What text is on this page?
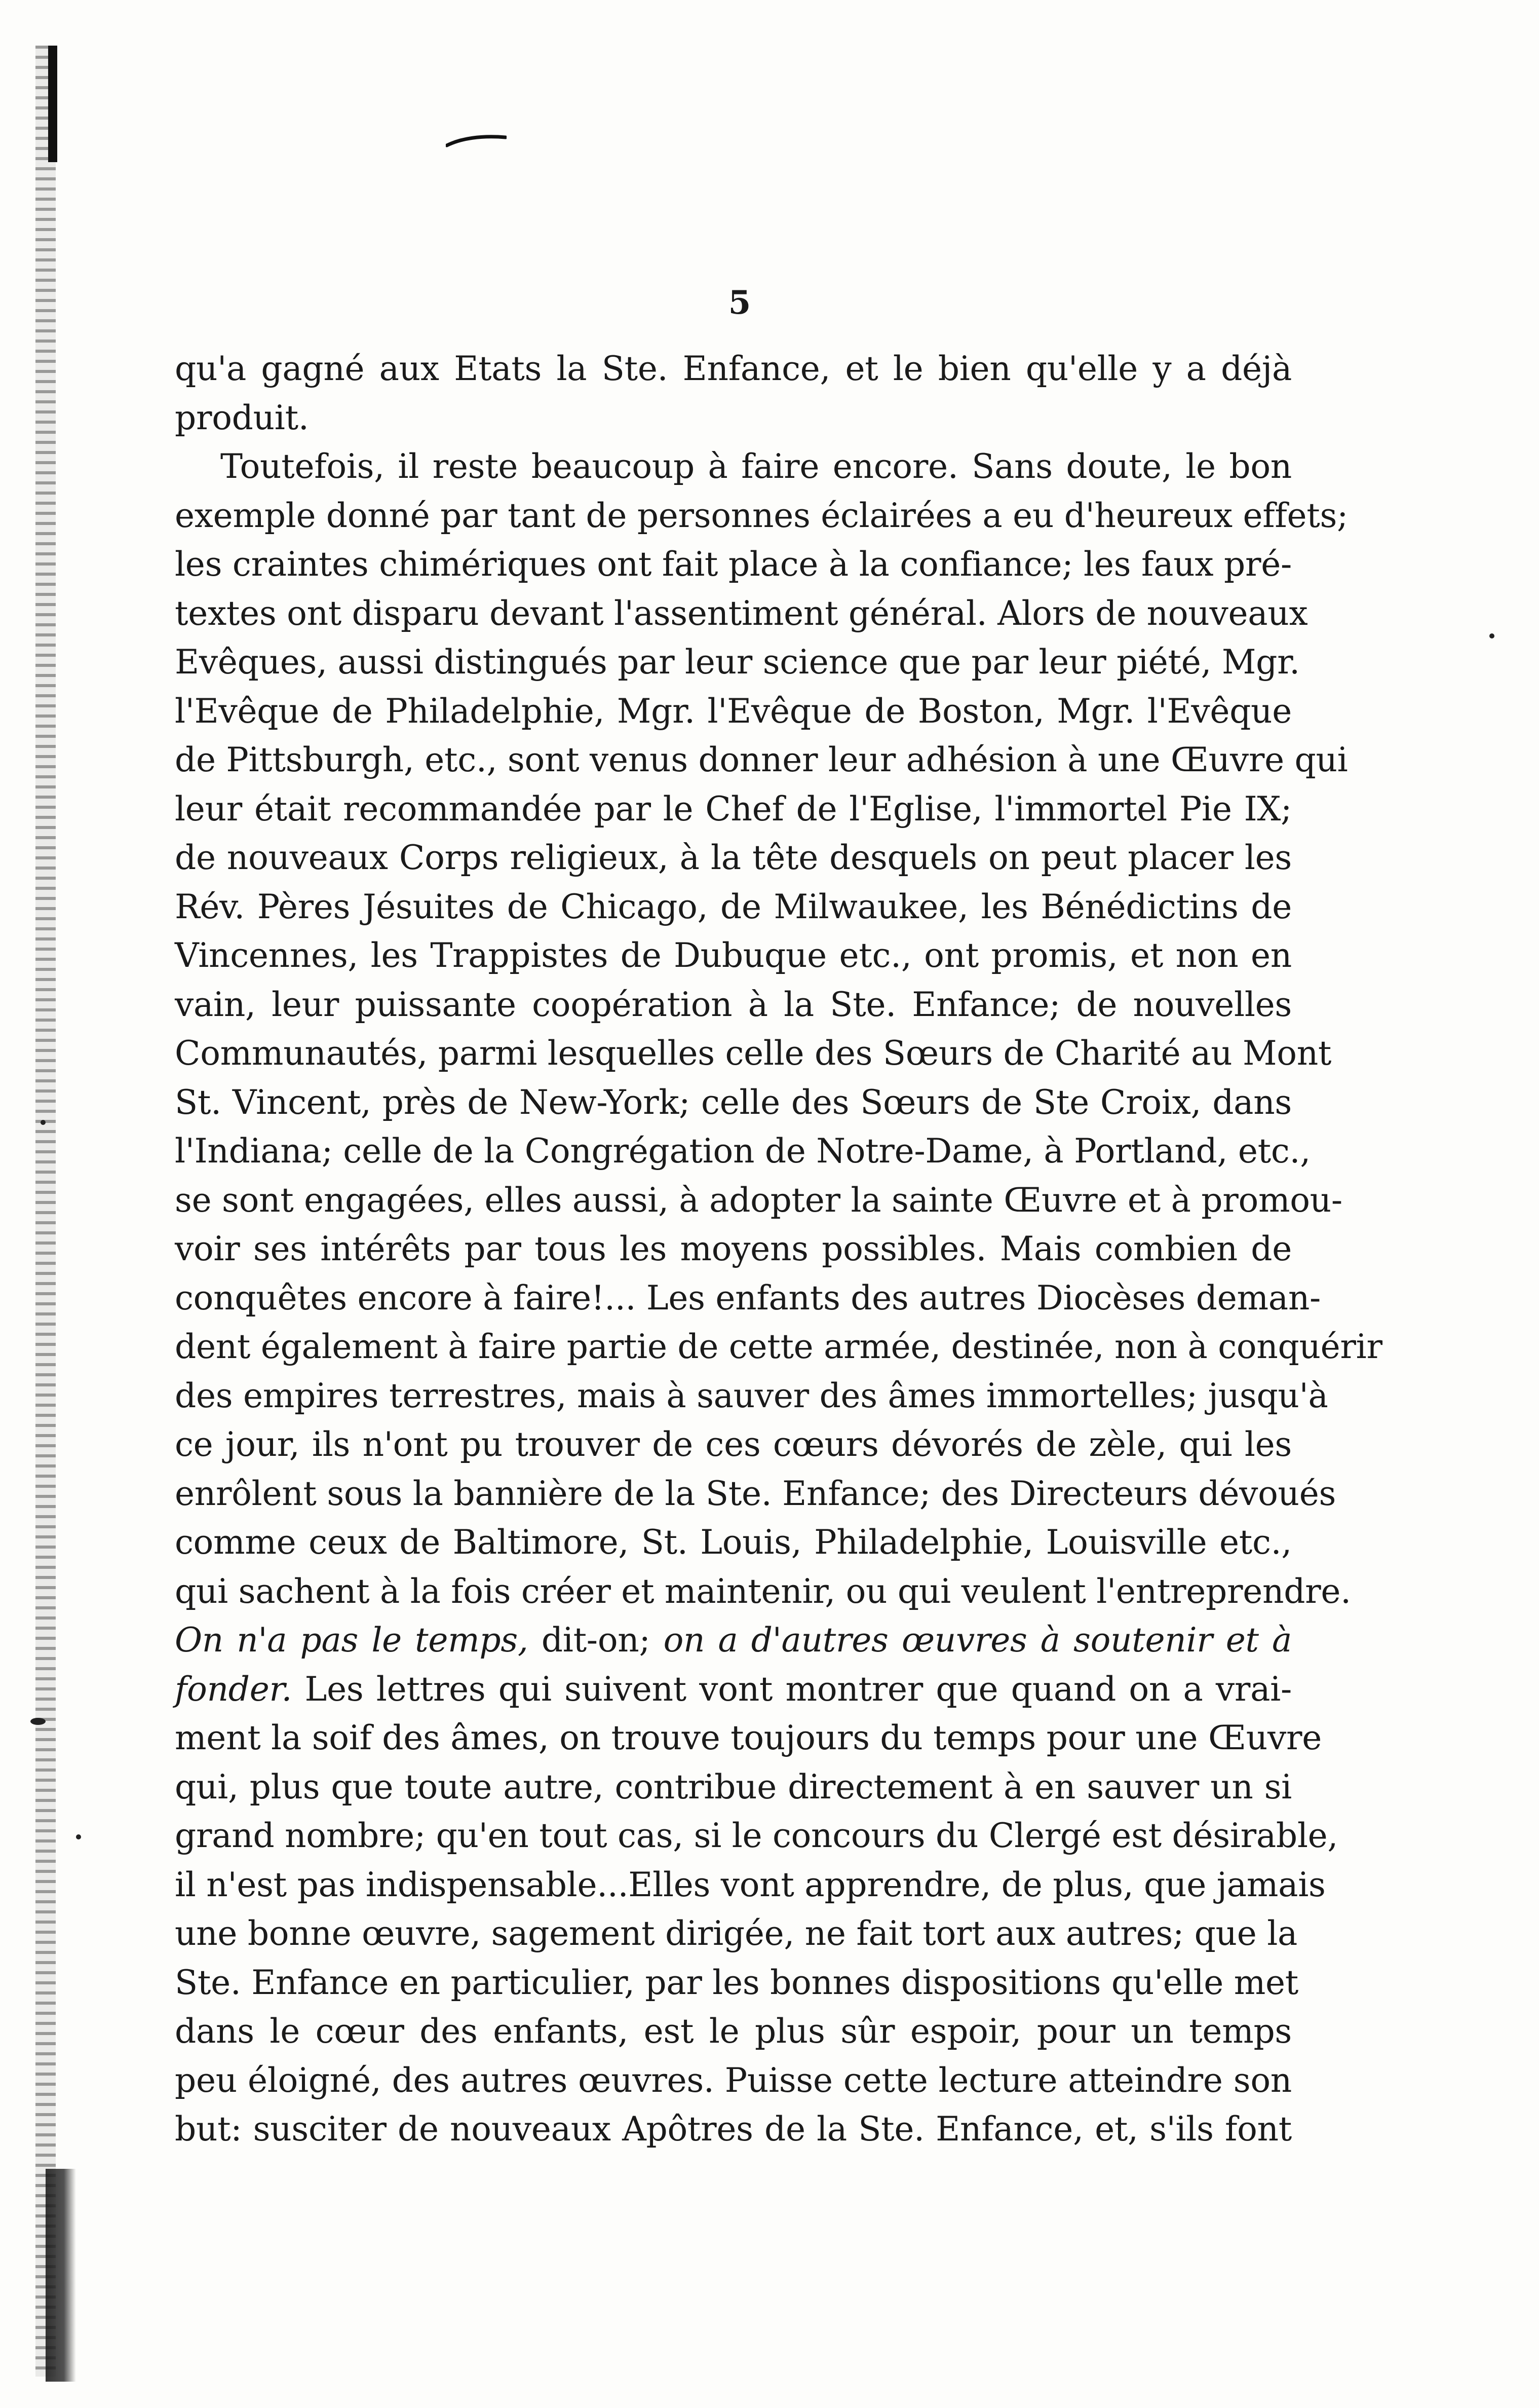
5
qu'a gagné aux Etats la Ste. Enfance, et le bien qu'elle y a déjà
produit.
Toutefois, il reste beaucoup à faire encore. Sans doute, le bon
exemple donné par tant de personnes éclairées a eu d'heureux effets;
les craintes chimériques ont fait place à la confiance; les faux pré-
textes ont disparu devant l'assentiment général. Alors de nouveaux
Evêques, aussi distingués par leur science que par leur piété, Mgr.
l'Evêque de Philadelphie, Mgr. l'Evêque de Boston, Mgr. l'Evêque
de Pittsburgh, etc., sont venus donner leur adhésion à une Œuvre qui
leur était recommandée par le Chef de l'Eglise, l'immortel Pie IX;
de nouveaux Corps religieux, à la tête desquels on peut placer les
Rév. Pères Jésuites de Chicago, de Milwaukee, les Bénédictins de
Vincennes, les Trappistes de Dubuque etc., ont promis, et non en
vain, leur puissante coopération à la Ste. Enfance; de nouvelles
Communautés, parmi lesquelles celle des Sœurs de Charité au Mont
St. Vincent, près de New-York; celle des Sœurs de Ste Croix, dans
l'Indiana; celle de la Congrégation de Notre-Dame, à Portland, etc.,
se sont engagées, elles aussi, à adopter la sainte Œuvre et à promou-
voir ses intérêts par tous les moyens possibles. Mais combien de
conquêtes encore à faire!... Les enfants des autres Diocèses deman-
dent également à faire partie de cette armée, destinée, non à conquérir
des empires terrestres, mais à sauver des âmes immortelles; jusqu'à
ce jour, ils n'ont pu trouver de ces cœurs dévorés de zèle, qui les
enrôlent sous la bannière de la Ste. Enfance; des Directeurs dévoués
comme ceux de Baltimore, St. Louis, Philadelphie, Louisville etc.,
qui sachent à la fois créer et maintenir, ou qui veulent l'entreprendre.
On n'a pas le temps, dit-on; on a d'autres œuvres à soutenir et à
fonder. Les lettres qui suivent vont montrer que quand on a vrai-
ment la soif des âmes, on trouve toujours du temps pour une Œuvre
qui, plus que toute autre, contribue directement à en sauver un si
grand nombre; qu'en tout cas, si le concours du Clergé est désirable,
il n'est pas indispensable...Elles vont apprendre, de plus, que jamais
une bonne œuvre, sagement dirigée, ne fait tort aux autres; que la
Ste. Enfance en particulier, par les bonnes dispositions qu'elle met
dans le cœur des enfants, est le plus sûr espoir, pour un temps
peu éloigné, des autres œuvres. Puisse cette lecture atteindre son
but: susciter de nouveaux Apôtres de la Ste. Enfance, et, s'ils font
